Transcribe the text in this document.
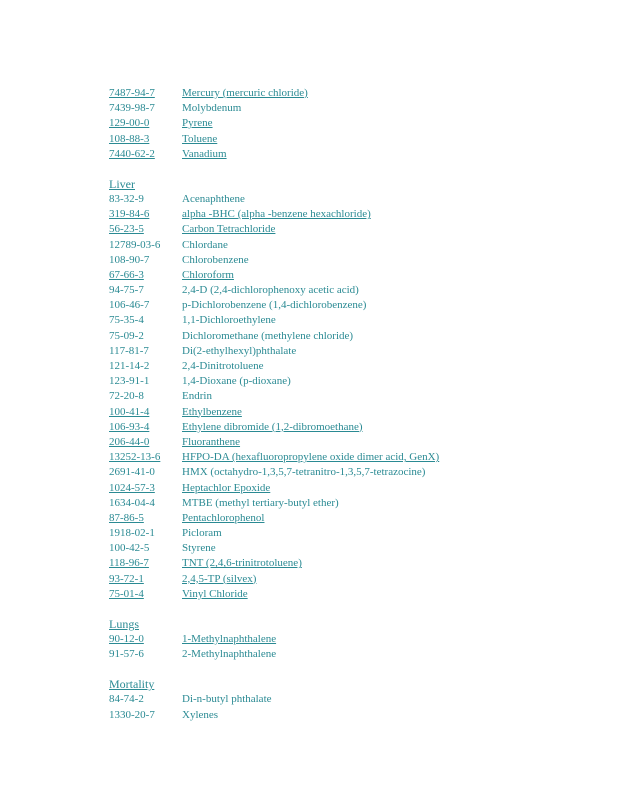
7487-94-7 Mercury (mercuric chloride)
7439-98-7 Molybdenum
129-00-0	Pyrene
108-88-3	Toluene
7440-62-2 Vanadium
Liver
83-32-9	Acenaphthene
319-84-6	alpha -BHC (alpha -benzene hexachloride)
56-23-5	Carbon Tetrachloride
12789-03-6 Chlordane
108-90-7	Chlorobenzene
67-66-3	Chloroform
94-75-7	2,4-D (2,4-dichlorophenoxy acetic acid)
106-46-7	p-Dichlorobenzene (1,4-dichlorobenzene)
75-35-4	1,1-Dichloroethylene
75-09-2	Dichloromethane (methylene chloride)
117-81-7	Di(2-ethylhexyl)phthalate
121-14-2	2,4-Dinitrotoluene
123-91-1	1,4-Dioxane (p-dioxane)
72-20-8	Endrin
100-41-4	Ethylbenzene
106-93-4	Ethylene dibromide (1,2-dibromoethane)
206-44-0	Fluoranthene
13252-13-6 HFPO-DA (hexafluoropropylene oxide dimer acid, GenX)
2691-41-0 HMX (octahydro-1,3,5,7-tetranitro-1,3,5,7-tetrazocine)
1024-57-3 Heptachlor Epoxide
1634-04-4 MTBE (methyl tertiary-butyl ether)
87-86-5	Pentachlorophenol
1918-02-1 Picloram
100-42-5	Styrene
118-96-7	TNT (2,4,6-trinitrotoluene)
93-72-1	2,4,5-TP (silvex)
75-01-4	Vinyl Chloride
Lungs
90-12-0	1-Methylnaphthalene
91-57-6	2-Methylnaphthalene
Mortality
84-74-2	Di-n-butyl phthalate
1330-20-7 Xylenes
